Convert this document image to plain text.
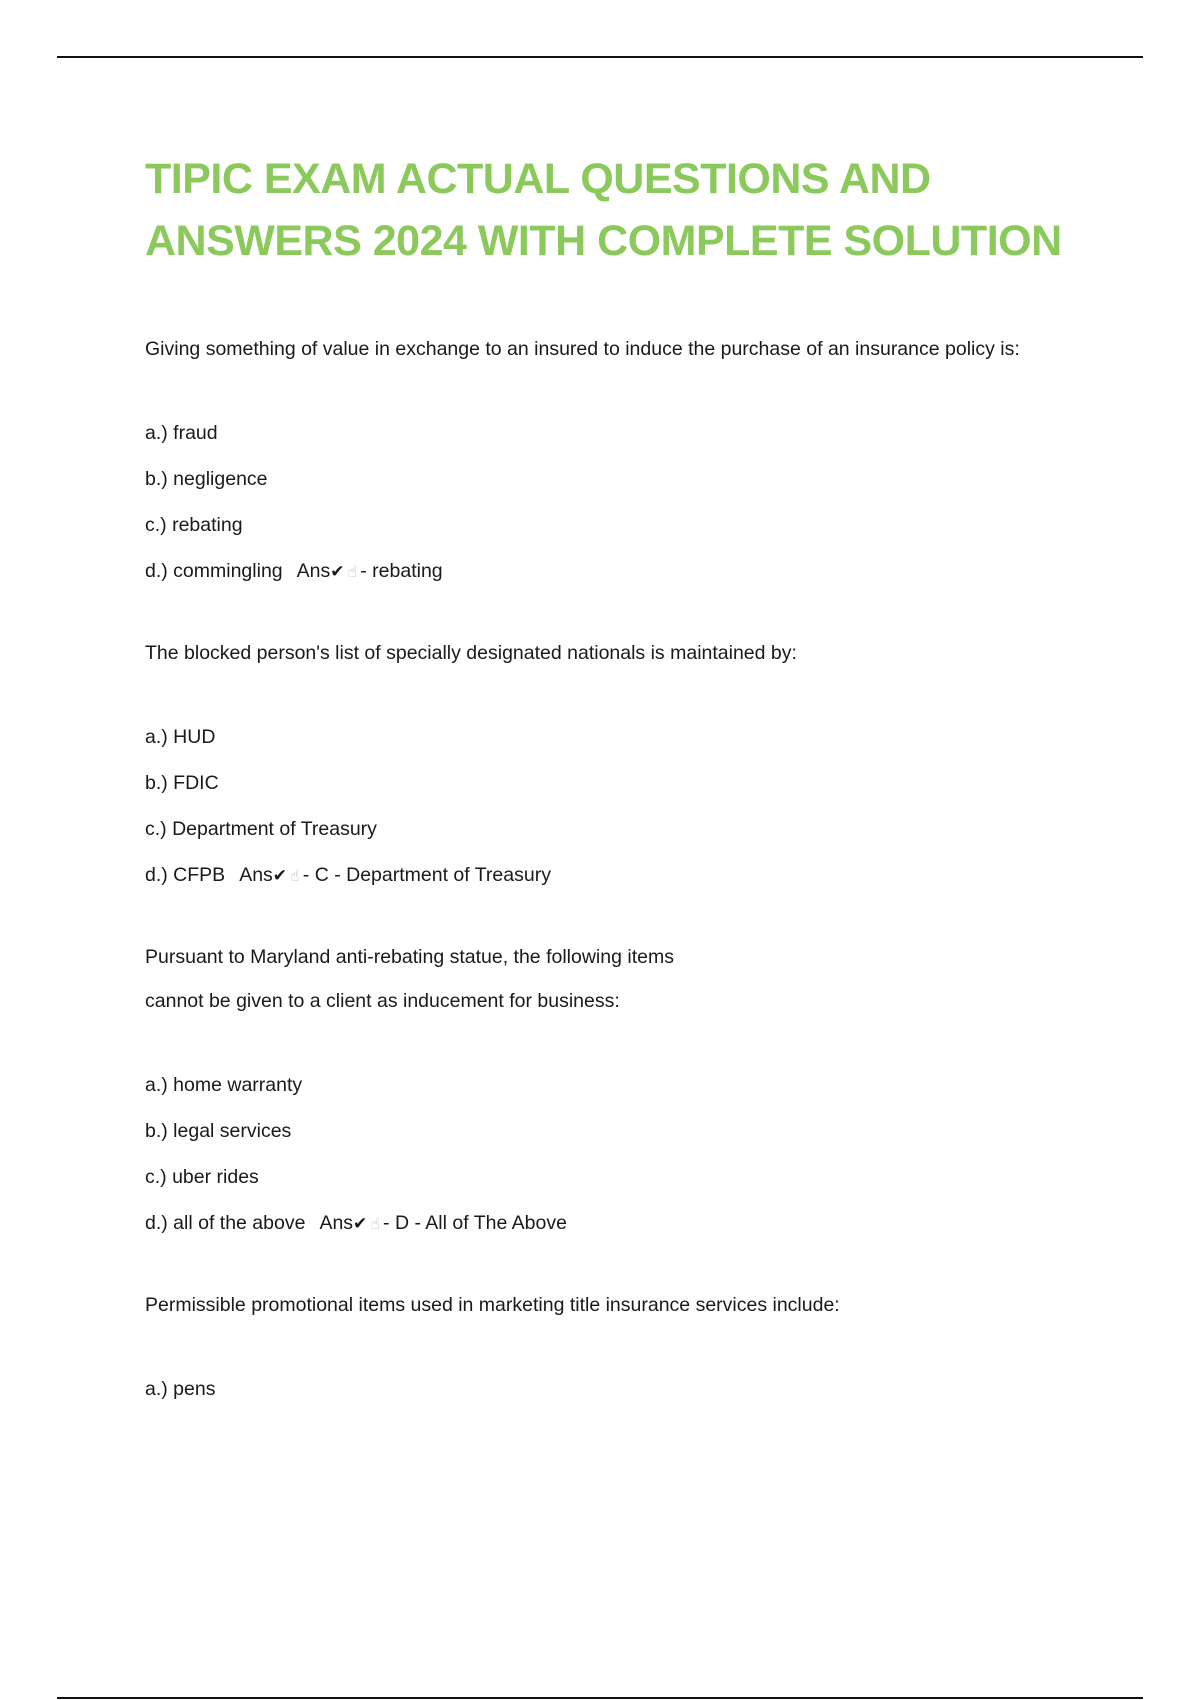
TIPIC EXAM ACTUAL QUESTIONS AND
ANSWERS 2024 WITH COMPLETE SOLUTION

Giving something of value in exchange to an insured to induce the purchase of an insurance policy is:

a.) fraud
b.) negligence
c.) rebating
d.) commingling Ans✔ ☝ - rebating

The blocked person's list of specially designated nationals is maintained by:

a.) HUD
b.) FDIC
c.) Department of Treasury
d.) CFPB Ans✔ ☝ - C - Department of Treasury

Pursuant to Maryland anti-rebating statue, the following items

cannot be given to a client as inducement for business:

a.) home warranty
b.) legal services
c.) uber rides
d.) all of the above Ans✔ ☝ - D - All of The Above

Permissible promotional items used in marketing title insurance services include:

a.) pens
